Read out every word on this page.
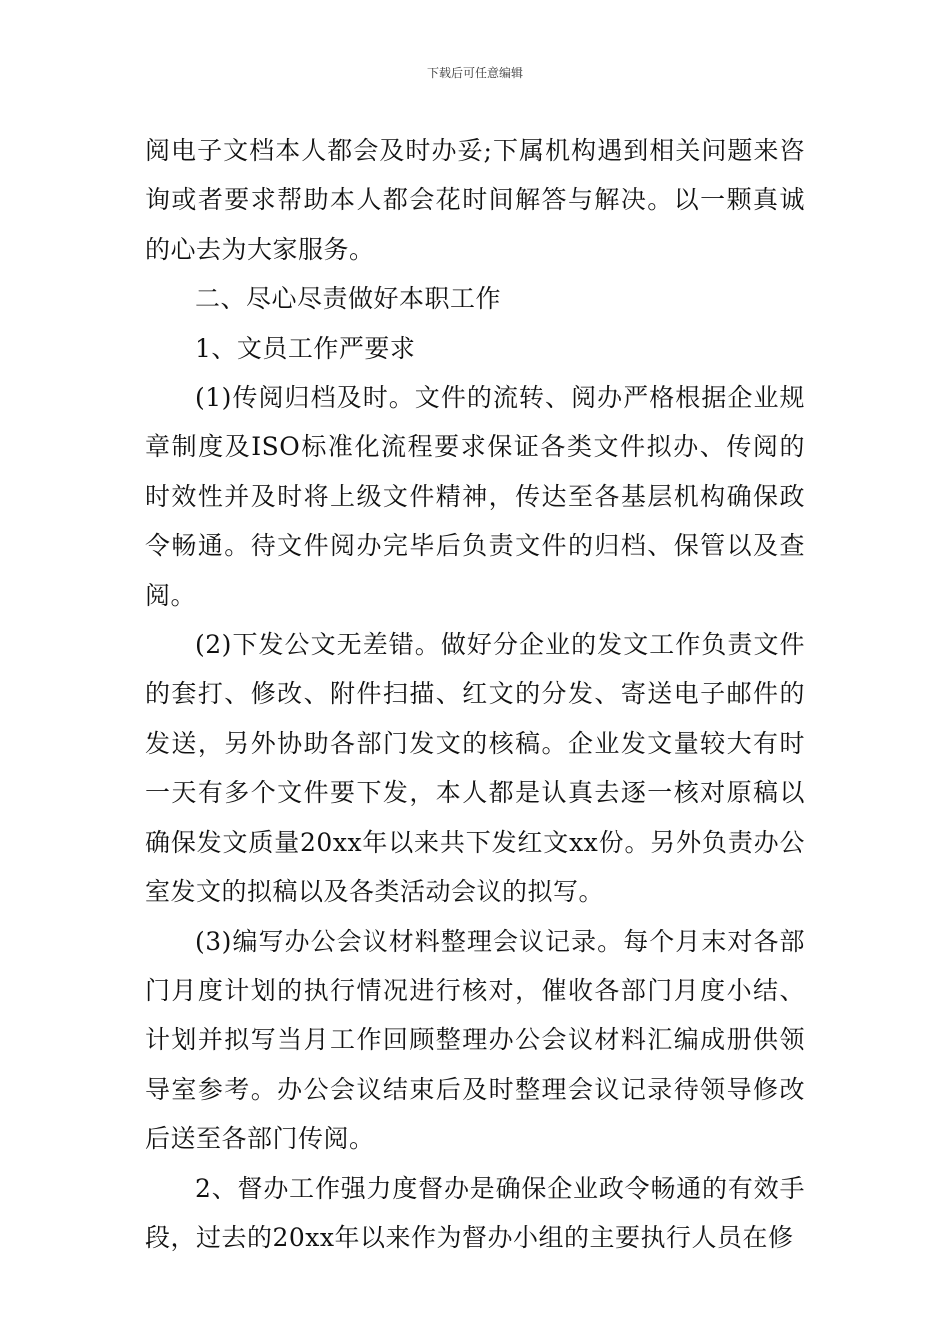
下载后可任意编辑

阅电子文档本人都会及时办妥;下属机构遇到相关问题来咨询或者要求帮助本人都会花时间解答与解决。以一颗真诚的心去为大家服务。

二、尽心尽责做好本职工作

1、文员工作严要求

(1)传阅归档及时。文件的流转、阅办严格根据企业规章制度及ISO标准化流程要求保证各类文件拟办、传阅的时效性并及时将上级文件精神，传达至各基层机构确保政令畅通。待文件阅办完毕后负责文件的归档、保管以及查阅。

(2)下发公文无差错。做好分企业的发文工作负责文件的套打、修改、附件扫描、红文的分发、寄送电子邮件的发送，另外协助各部门发文的核稿。企业发文量较大有时一天有多个文件要下发，本人都是认真去逐一核对原稿以确保发文质量20xx年以来共下发红文xx份。另外负责办公室发文的拟稿以及各类活动会议的拟写。

(3)编写办公会议材料整理会议记录。每个月末对各部门月度计划的执行情况进行核对，催收各部门月度小结、计划并拟写当月工作回顾整理办公会议材料汇编成册供领导室参考。办公会议结束后及时整理会议记录待领导修改后送至各部门传阅。

2、督办工作强力度督办是确保企业政令畅通的有效手段，过去的20xx年以来作为督办小组的主要执行人员在修
